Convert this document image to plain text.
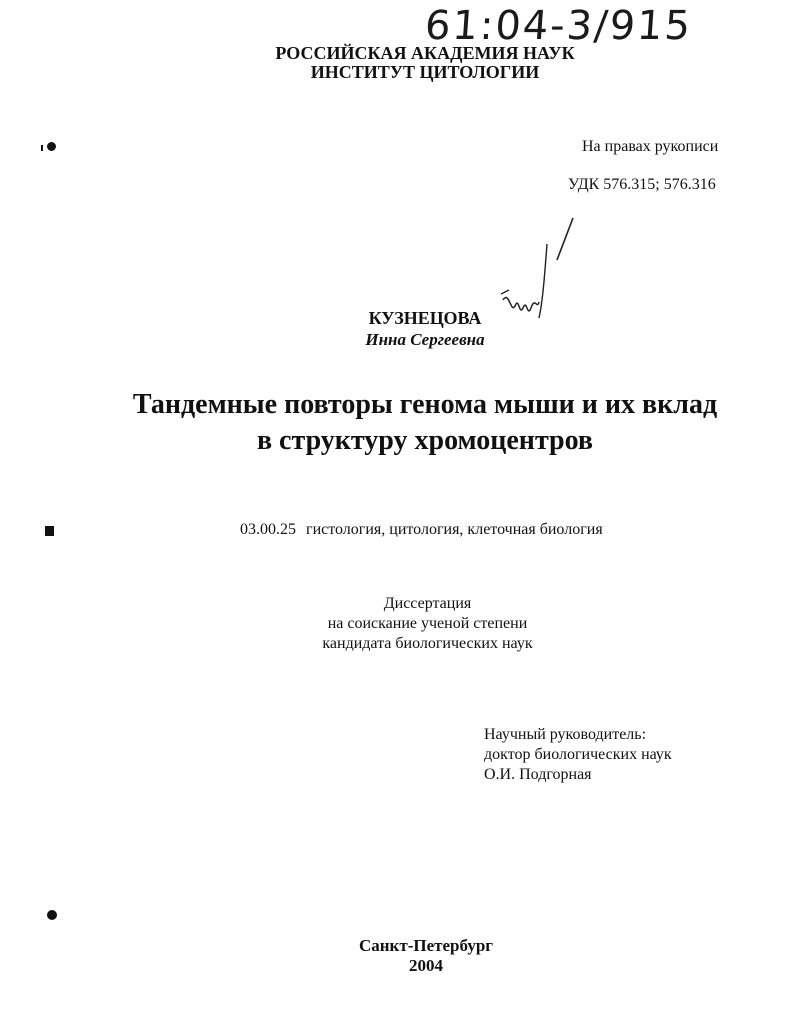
61:04-3/915
РОССИЙСКАЯ АКАДЕМИЯ НАУК
ИНСТИТУТ ЦИТОЛОГИИ
На правах рукописи
УДК 576.315; 576.316
КУЗНЕЦОВА
Инна Сергеевна
Тандемные повторы генома мыши и их вклад
в структуру хромоцентров
03.00.25 гистология, цитология, клеточная биология
Диссертация
на соискание ученой степени
кандидата биологических наук
Научный руководитель:
доктор биологических наук
О.И. Подгорная
Санкт-Петербург
2004
